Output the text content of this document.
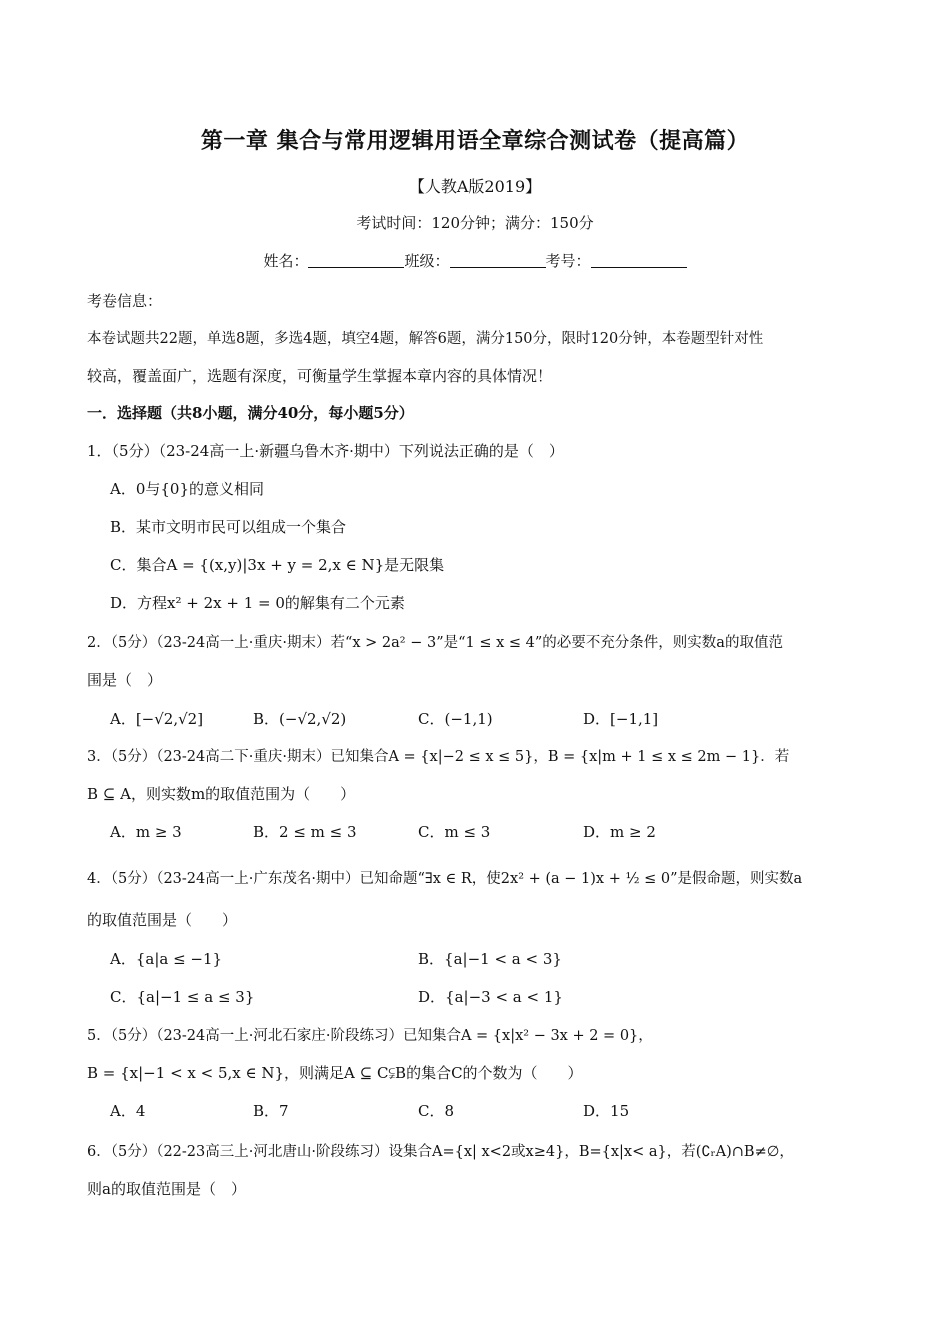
第一章 集合与常用逻辑用语全章综合测试卷（提高篇）
【人教A版2019】
考试时间：120分钟；满分：150分
姓名：	班级：	考号：
考卷信息：
本卷试题共22题，单选8题，多选4题，填空4题，解答6题，满分150分，限时120分钟，本卷题型针对性
较高，覆盖面广，选题有深度，可衡量学生掌握本章内容的具体情况！
一．选择题（共8小题，满分40分，每小题5分）
1．（5分）（23-24高一上·新疆乌鲁木齐·期中）下列说法正确的是（　）
A．0与{0}的意义相同
B．某市文明市民可以组成一个集合
C．集合A = {(x,y)|3x + y = 2,x ∈ N}是无限集
D．方程x² + 2x + 1 = 0的解集有二个元素
2．（5分）（23-24高一上·重庆·期末）若“x > 2a² − 3”是“1 ≤ x ≤ 4”的必要不充分条件，则实数a的取值范
围是（　）
A．[−√2,√2]	B．(−√2,√2)	C．(−1,1)	D．[−1,1]
3．（5分）（23-24高二下·重庆·期末）已知集合A = {x|−2 ≤ x ≤ 5}，B = {x|m + 1 ≤ x ≤ 2m − 1}．若
B ⊆ A，则实数m的取值范围为（　　）
A．m ≥ 3	B．2 ≤ m ≤ 3	C．m ≤ 3	D．m ≥ 2
4．（5分）（23-24高一上·广东茂名·期中）已知命题“∃x ∈ R，使2x² + (a − 1)x + ½ ≤ 0”是假命题，则实数a
的取值范围是（　　）
A．{a|a ≤ −1}	B．{a|−1 < a < 3}
C．{a|−1 ≤ a ≤ 3}	D．{a|−3 < a < 1}
5．（5分）（23-24高一上·河北石家庄·阶段练习）已知集合A = {x|x² − 3x + 2 = 0}，
B = {x|−1 < x < 5,x ∈ N}，则满足A ⊆ C⫋B的集合C的个数为（　　）
A．4	B．7	C．8	D．15
6．（5分）（22-23高三上·河北唐山·阶段练习）设集合A={x| x<2或x≥4}，B={x|x< a}，若(∁ᵣA)∩B≠∅，
则a的取值范围是（　）
